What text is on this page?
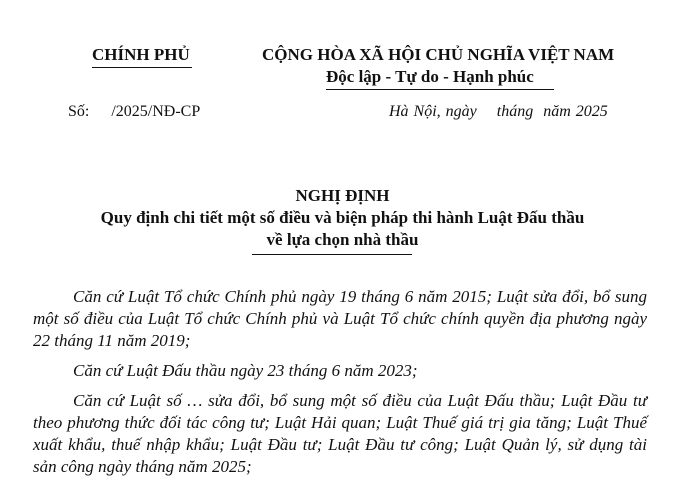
CHÍNH PHỦ	CỘNG HÒA XÃ HỘI CHỦ NGHĨA VIỆT NAM
Độc lập - Tự do - Hạnh phúc
Số: /2025/NĐ-CP	Hà Nội, ngày tháng năm 2025
NGHỊ ĐỊNH
Quy định chi tiết một số điều và biện pháp thi hành Luật Đấu thầu
về lựa chọn nhà thầu

Căn cứ Luật Tổ chức Chính phủ ngày 19 tháng 6 năm 2015; Luật sửa đổi, bổ sung một số điều của Luật Tổ chức Chính phủ và Luật Tổ chức chính quyền địa phương ngày 22 tháng 11 năm 2019;

Căn cứ Luật Đấu thầu ngày 23 tháng 6 năm 2023;

Căn cứ Luật số … sửa đổi, bổ sung một số điều của Luật Đấu thầu; Luật Đầu tư theo phương thức đối tác công tư; Luật Hải quan; Luật Thuế giá trị gia tăng; Luật Thuế xuất khẩu, thuế nhập khẩu; Luật Đầu tư; Luật Đầu tư công; Luật Quản lý, sử dụng tài sản công ngày tháng năm 2025;
